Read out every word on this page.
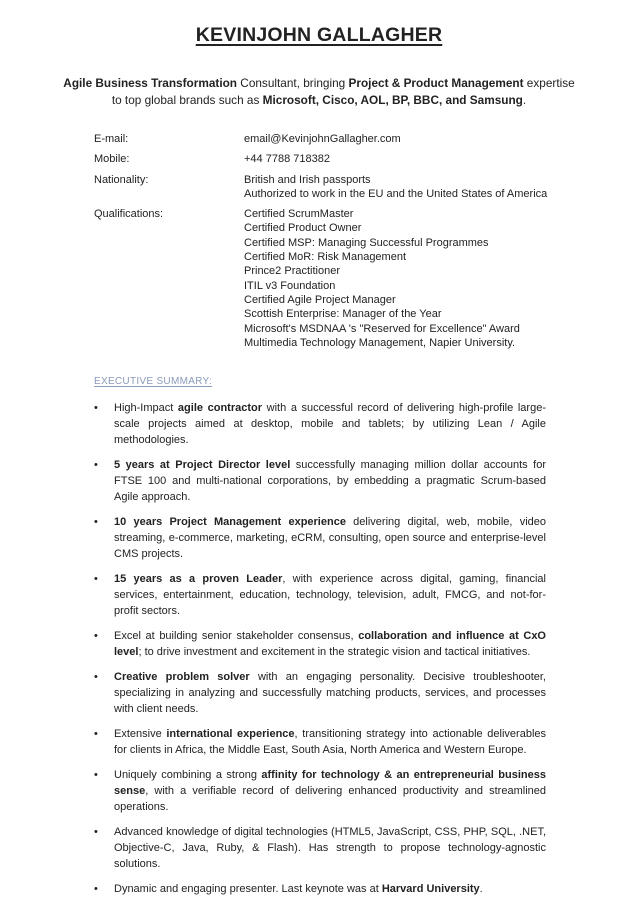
KEVINJOHN GALLAGHER
Agile Business Transformation Consultant, bringing Project & Product Management expertise to top global brands such as Microsoft, Cisco, AOL, BP, BBC, and Samsung.
E-mail:	email@KevinjohnGallagher.com
Mobile:	+44 7788 718382
Nationality:	British and Irish passports
Authorized to work in the EU and the United States of America
Qualifications:	Certified ScrumMaster
Certified Product Owner
Certified MSP: Managing Successful Programmes
Certified MoR: Risk Management
Prince2 Practitioner
ITIL v3 Foundation
Certified Agile Project Manager
Scottish Enterprise: Manager of the Year
Microsoft's MSDNAA 's "Reserved for Excellence" Award
Multimedia Technology Management, Napier University.
EXECUTIVE SUMMARY:
•	High-Impact agile contractor with a successful record of delivering high-profile large-scale projects aimed at desktop, mobile and tablets; by utilizing Lean / Agile methodologies.
•	5 years at Project Director level successfully managing million dollar accounts for FTSE 100 and multi-national corporations, by embedding a pragmatic Scrum-based Agile approach.
•	10 years Project Management experience delivering digital, web, mobile, video streaming, e-commerce, marketing, eCRM, consulting, open source and enterprise-level CMS projects.
•	15 years as a proven Leader, with experience across digital, gaming, financial services, entertainment, education, technology, television, adult, FMCG, and not-for-profit sectors.
•	Excel at building senior stakeholder consensus, collaboration and influence at CxO level; to drive investment and excitement in the strategic vision and tactical initiatives.
•	Creative problem solver with an engaging personality. Decisive troubleshooter, specializing in analyzing and successfully matching products, services, and processes with client needs.
•	Extensive international experience, transitioning strategy into actionable deliverables for clients in Africa, the Middle East, South Asia, North America and Western Europe.
•	Uniquely combining a strong affinity for technology & an entrepreneurial business sense, with a verifiable record of delivering enhanced productivity and streamlined operations.
•	Advanced knowledge of digital technologies (HTML5, JavaScript, CSS, PHP, SQL, .NET, Objective-C, Java, Ruby, & Flash). Has strength to propose technology-agnostic solutions.
•	Dynamic and engaging presenter. Last keynote was at Harvard University.
